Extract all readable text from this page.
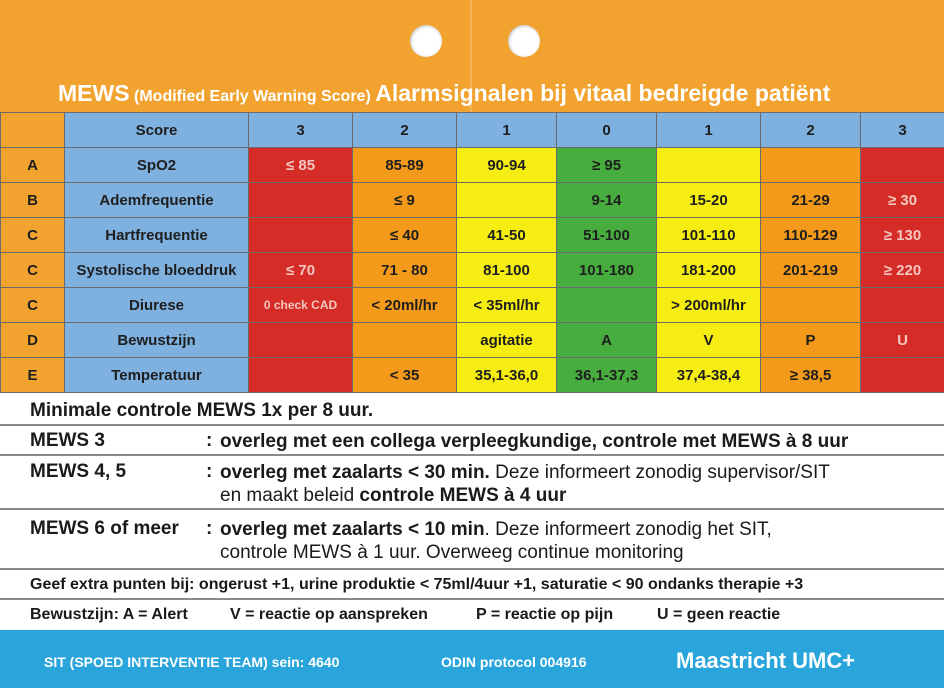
MEWS (Modified Early Warning Score) Alarmsignalen bij vitaal bedreigde patiënt
	Score	3	2	1	0	1	2	3
A	SpO2	≤ 85	85-89	90-94	≥ 95			
B	Ademfrequentie		≤ 9		9-14	15-20	21-29	≥ 30
C	Hartfrequentie		≤ 40	41-50	51-100	101-110	110-129	≥ 130
C	Systolische bloeddruk	≤ 70	71 - 80	81-100	101-180	181-200	201-219	≥ 220
C	Diurese	0 check CAD	< 20ml/hr	< 35ml/hr		> 200ml/hr		
D	Bewustzijn			agitatie	A	V	P	U
E	Temperatuur		< 35	35,1-36,0	36,1-37,3	37,4-38,4	≥ 38,5	
Minimale controle MEWS 1x per 8 uur.
MEWS 3	: overleg met een collega verpleegkundige, controle met MEWS à 8 uur
MEWS 4, 5	: overleg met zaalarts < 30 min. Deze informeert zonodig supervisor/SIT
en maakt beleid controle MEWS à 4 uur
MEWS 6 of meer : overleg met zaalarts < 10 min. Deze informeert zonodig het SIT,
controle MEWS à 1 uur. Overweeg continue monitoring
Geef extra punten bij: ongerust +1, urine produktie < 75ml/4uur +1, saturatie < 90 ondanks therapie +3
Bewustzijn: A = Alert	V = reactie op aanspreken	P = reactie op pijn	U = geen reactie
SIT (SPOED INTERVENTIE TEAM) sein: 4640	ODIN protocol 004916	Maastricht UMC+
